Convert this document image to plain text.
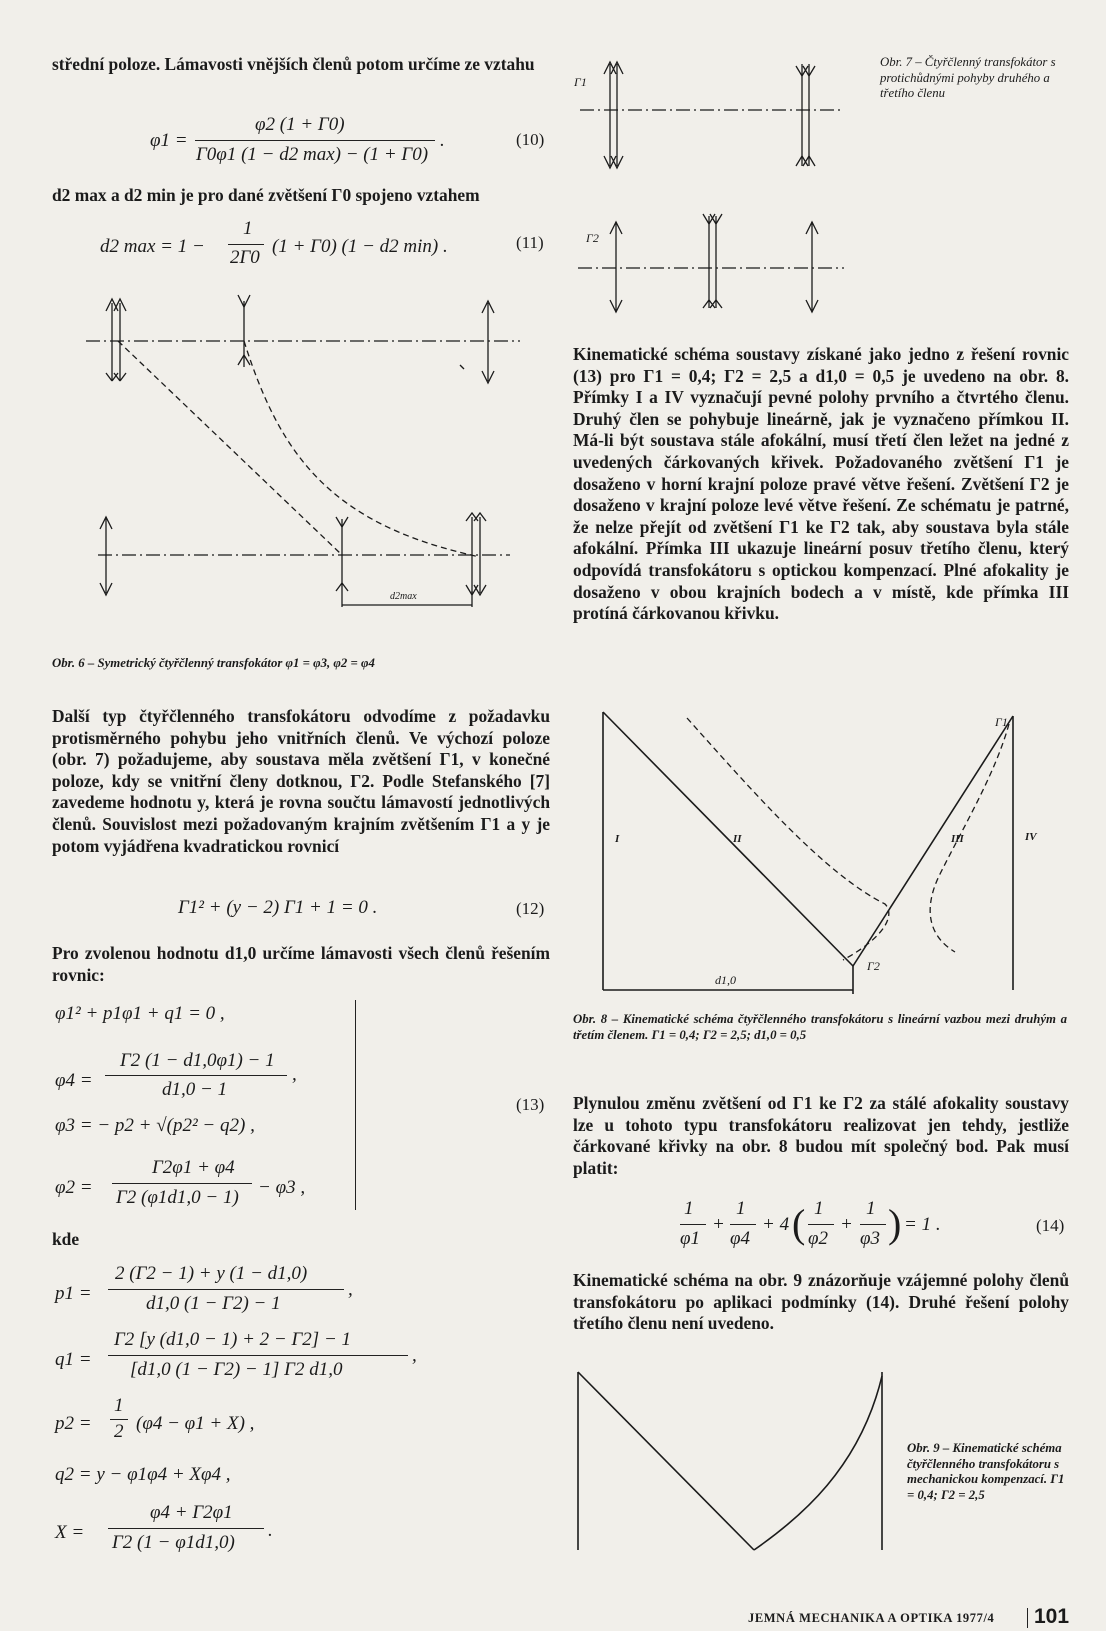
střední poloze. Lámavosti vnějších členů potom určíme ze vztahu
φ1 =
φ2 (1 + Γ0)
Γ0φ1 (1 − d2 max) − (1 + Γ0)
.	(10)
d2 max a d2 min je pro dané zvětšení Γ0 spojeno vztahem
d2 max = 1 −
1
2Γ0
(1 + Γ0) (1 − d2 min) .	(11)
d2max
Obr. 6 – Symetrický čtyřčlenný transfokátor φ1 = φ3, φ2 = φ4
Další typ čtyřčlenného transfokátoru odvodíme z požadavku protisměrného pohybu jeho vnitřních členů. Ve výchozí poloze (obr. 7) požadujeme, aby soustava měla zvětšení Γ1, v konečné poloze, kdy se vnitřní členy dotknou, Γ2. Podle Stefanského [7] zavedeme hodnotu y, která je rovna součtu lámavostí jednotlivých členů. Souvislost mezi požadovaným krajním zvětšením Γ1 a y je potom vyjádřena kvadratickou rovnicí
Γ1² + (y − 2) Γ1 + 1 = 0 .	(12)
Pro zvolenou hodnotu d1,0 určíme lámavosti všech členů řešením rovnic:
φ1² + p1φ1 + q1 = 0 ,
φ4 =
Γ2 (1 − d1,0φ1) − 1
d1,0 − 1
,
φ3 = − p2 + √(p2² − q2) ,
φ2 =
Γ2φ1 + φ4
Γ2 (φ1d1,0 − 1) − φ3 ,
(13)
kde
p1 =
2 (Γ2 − 1) + y (1 − d1,0)
d1,0 (1 − Γ2) − 1
,
q1 =
Γ2 [y (d1,0 − 1) + 2 − Γ2] − 1
[d1,0 (1 − Γ2) − 1] Γ2 d1,0
,
p2 =
1
2 (φ4 − φ1 + X) ,
q2 = y − φ1φ4 + Xφ4 ,
X =
φ4 + Γ2φ1
Γ2 (1 − φ1d1,0)
.
Γ1
Γ2
Obr. 7 – Čtyřčlenný transfokátor s protichůdnými pohyby druhého a třetího členu
Kinematické schéma soustavy získané jako jedno z řešení rovnic (13) pro Γ1 = 0,4; Γ2 = 2,5 a d1,0 = 0,5 je uvedeno na obr. 8. Přímky I a IV vyznačují pevné polohy prvního a čtvrtého členu. Druhý člen se pohybuje lineárně, jak je vyznačeno přímkou II. Má-li být soustava stále afokální, musí třetí člen ležet na jedné z uvedených čárkovaných křivek. Požadovaného zvětšení Γ1 je dosaženo v horní krajní poloze pravé větve řešení. Zvětšení Γ2 je dosaženo v krajní poloze levé větve řešení. Ze schématu je patrné, že nelze přejít od zvětšení Γ1 ke Γ2 tak, aby soustava byla stále afokální. Přímka III ukazuje lineární posuv třetího členu, který odpovídá transfokátoru s optickou kompenzací. Plné afokality je dosaženo v obou krajních bodech a v místě, kde přímka III protíná čárkovanou křivku.
I	II	III	IV
Γ1
Γ2
d1,0
Obr. 8 – Kinematické schéma čtyřčlenného transfokátoru s lineární vazbou mezi druhým a třetím členem. Γ1 = 0,4; Γ2 = 2,5; d1,0 = 0,5
Plynulou změnu zvětšení od Γ1 ke Γ2 za stálé afokality soustavy lze u tohoto typu transfokátoru realizovat jen tehdy, jestliže čárkované křivky na obr. 8 budou mít společný bod. Pak musí platit:
1
φ1
+
1
φ4
+ 4 ( 1
φ2
+
1
φ3 ) = 1 .	(14)
Kinematické schéma na obr. 9 znázorňuje vzájemné polohy členů transfokátoru po aplikaci podmínky (14). Druhé řešení polohy třetího členu není uvedeno.
Obr. 9 – Kinematické schéma čtyřčlenného transfokátoru s mechanickou kompenzací. Γ1 = 0,4; Γ2 = 2,5
JEMNÁ MECHANIKA A OPTIKA 1977/4 101
